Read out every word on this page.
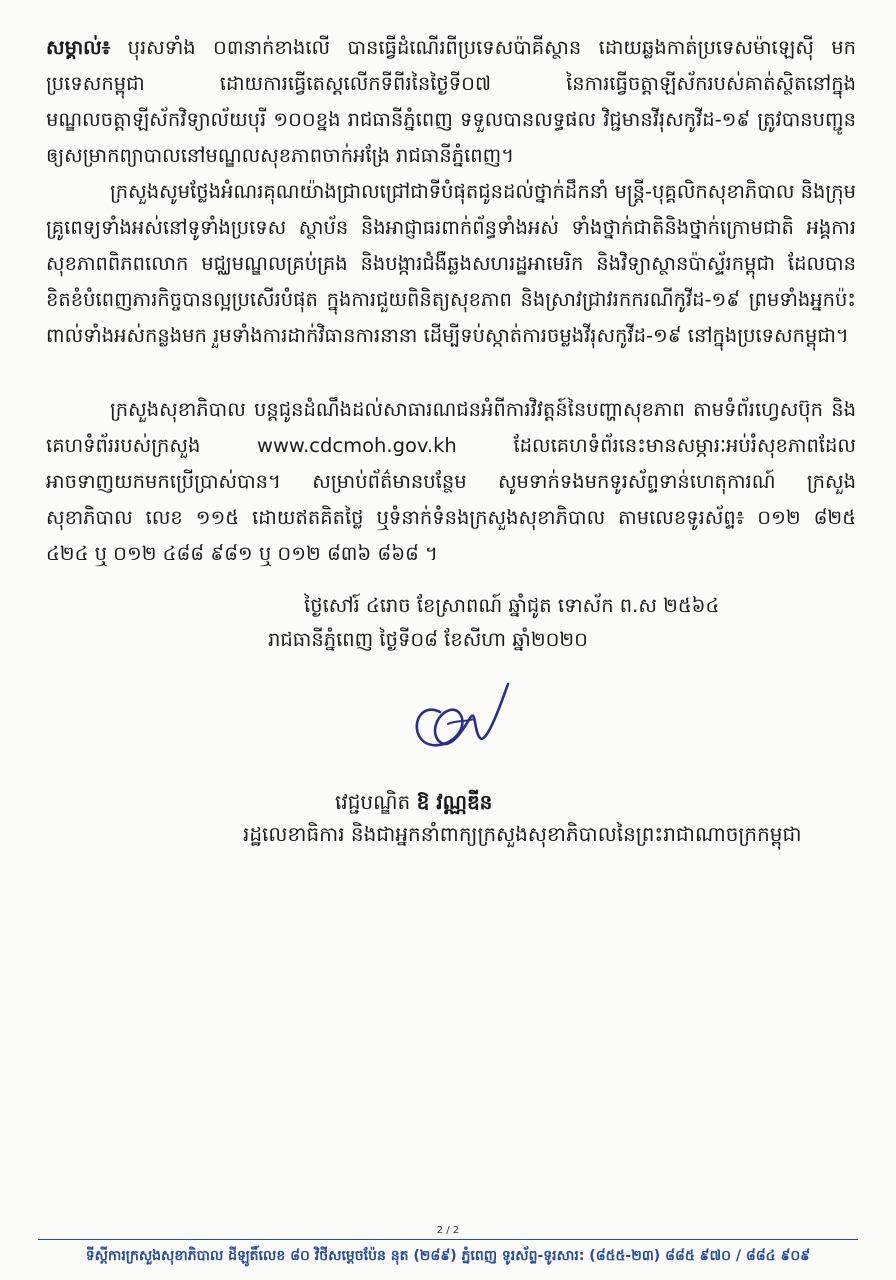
សម្គាល់៖ បុរសទាំង ០៣នាក់ខាងលើ បានធ្វើដំណើរពីប្រទេសប៉ាគីស្ថាន ដោយឆ្លងកាត់ប្រទេសម៉ាឡេស៊ី មកប្រទេសកម្ពុជា ដោយការធ្វើតេស្តលើកទីពីរនៃថ្ងៃទី០៧ នៃការធ្វើចត្តាឡីស័ករបស់គាត់ស្ថិតនៅក្នុងមណ្ឌលចត្តាឡីស័កវិទ្យាល័យបុរី ១០០ខ្នង រាជធានីភ្នំពេញ ទទួលបានលទ្ធផល វិជ្ជមានវីរុសកូវីដ-១៩ ត្រូវបានបញ្ជូនឲ្យសម្រាកព្យាបាលនៅមណ្ឌលសុខភាពចាក់អង្រែ រាជធានីភ្នំពេញ។

ក្រសួងសូមថ្លែងអំណរគុណយ៉ាងជ្រាលជ្រៅជាទីបំផុតជូនដល់ថ្នាក់ដឹកនាំ មន្ត្រី-បុគ្គលិកសុខាភិបាល និងក្រុមគ្រូពេទ្យទាំងអស់នៅទូទាំងប្រទេស ស្ថាប័ន និងអាជ្ញាធរពាក់ព័ន្ធទាំងអស់ ទាំងថ្នាក់ជាតិនិងថ្នាក់ក្រោមជាតិ អង្គការសុខភាពពិភពលោក មជ្ឈមណ្ឌលគ្រប់គ្រង និងបង្ការជំងឺឆ្លងសហរដ្ឋអាមេរិក និងវិទ្យាស្ថានប៉ាស្ទ័រកម្ពុជា ដែលបានខិតខំបំពេញភារកិច្ចបានល្អប្រសើរបំផុត ក្នុងការជួយពិនិត្យសុខភាព និងស្រាវជ្រាវរកករណីកូវីដ-១៩ ព្រមទាំងអ្នកប៉ះពាល់ទាំងអស់កន្លងមក រួមទាំងការដាក់វិធានការនានា ដើម្បីទប់ស្កាត់ការចម្លងវីរុសកូវីដ-១៩ នៅក្នុងប្រទេសកម្ពុជា។

ក្រសួងសុខាភិបាល បន្តជូនដំណឹងដល់សាធារណជនអំពីការវិវត្តន៍នៃបញ្ហាសុខភាព តាមទំព័រហ្វេសប៊ុក និងគេហទំព័ររបស់ក្រសួង www.cdcmoh.gov.kh ដែលគេហទំព័រនេះមានសម្ភារៈអប់រំសុខភាពដែលអាចទាញយកមកប្រើប្រាស់បាន។ សម្រាប់ព័ត៌មានបន្ថែម សូមទាក់ទងមកទូរស័ព្ទទាន់ហេតុការណ៍ ក្រសួងសុខាភិបាល លេខ ១១៥ ដោយឥតគិតថ្លៃ ឬទំនាក់ទំនងក្រសួងសុខាភិបាល តាមលេខទូរស័ព្ទ៖ ០១២ ៨២៥ ៤២៤ ឬ ០១២ ៤៨៨ ៩៨១ ឬ ០១២ ៨៣៦ ៨៦៨ ។

ថ្ងៃសៅរ៍ ៤រោច ខែស្រាពណ៍ ឆ្នាំជូត ទោស័ក ព.ស ២៥៦៤
រាជធានីភ្នំពេញ ថ្ងៃទី០៨ ខែសីហា ឆ្នាំ២០២០
វេជ្ជបណ្ឌិត ឱ វណ្ណឌីន
រដ្ឋលេខាធិការ និងជាអ្នកនាំពាក្យក្រសួងសុខាភិបាលនៃព្រះរាជាណាចក្រកម្ពុជា
2 / 2
ទីស្តីការក្រសួងសុខាភិបាល ដីឡូតិ៍លេខ ៨០ វិថីសម្តេចប៉ែន នុត (២៨៩) ភ្នំពេញ ទូរស័ព្ទ-ទូរសារ: (៨៥៥-២៣) ៨៨៥ ៩៧០ / ៨៨៤ ៩០៩
